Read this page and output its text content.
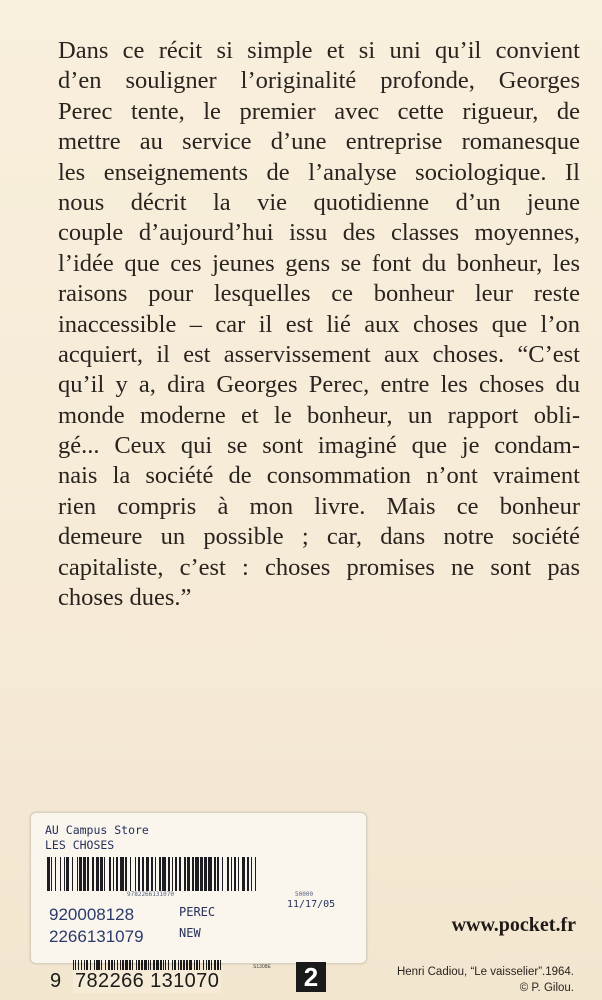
Dans ce récit si simple et si uni qu’il convient
d’en souligner l’originalité profonde, Georges
Perec tente, le premier avec cette rigueur, de
mettre au service d’une entreprise romanesque
les enseignements de l’analyse sociologique. Il
nous décrit la vie quotidienne d’un jeune
couple d’aujourd’hui issu des classes moyennes,
l’idée que ces jeunes gens se font du bonheur, les
raisons pour lesquelles ce bonheur leur reste
inaccessible – car il est lié aux choses que l’on
acquiert, il est asservissement aux choses. “C’est
qu’il y a, dira Georges Perec, entre les choses du
monde moderne et le bonheur, un rapport obli-
gé... Ceux qui se sont imaginé que je condam-
nais la société de consommation n’ont vraiment
rien compris à mon livre. Mais ce bonheur
demeure un possible ; car, dans notre société
capitaliste, c’est : choses promises ne sont pas
choses dues.”
AU Campus Store
LES CHOSES
9782266131070	50000
920008128
2266131079
PEREC
NEW
11/17/05
9 782266 131070
S1308E 2
www.pocket.fr
Henri Cadiou, “Le vaisselier”.1964.
© P. Gilou.
